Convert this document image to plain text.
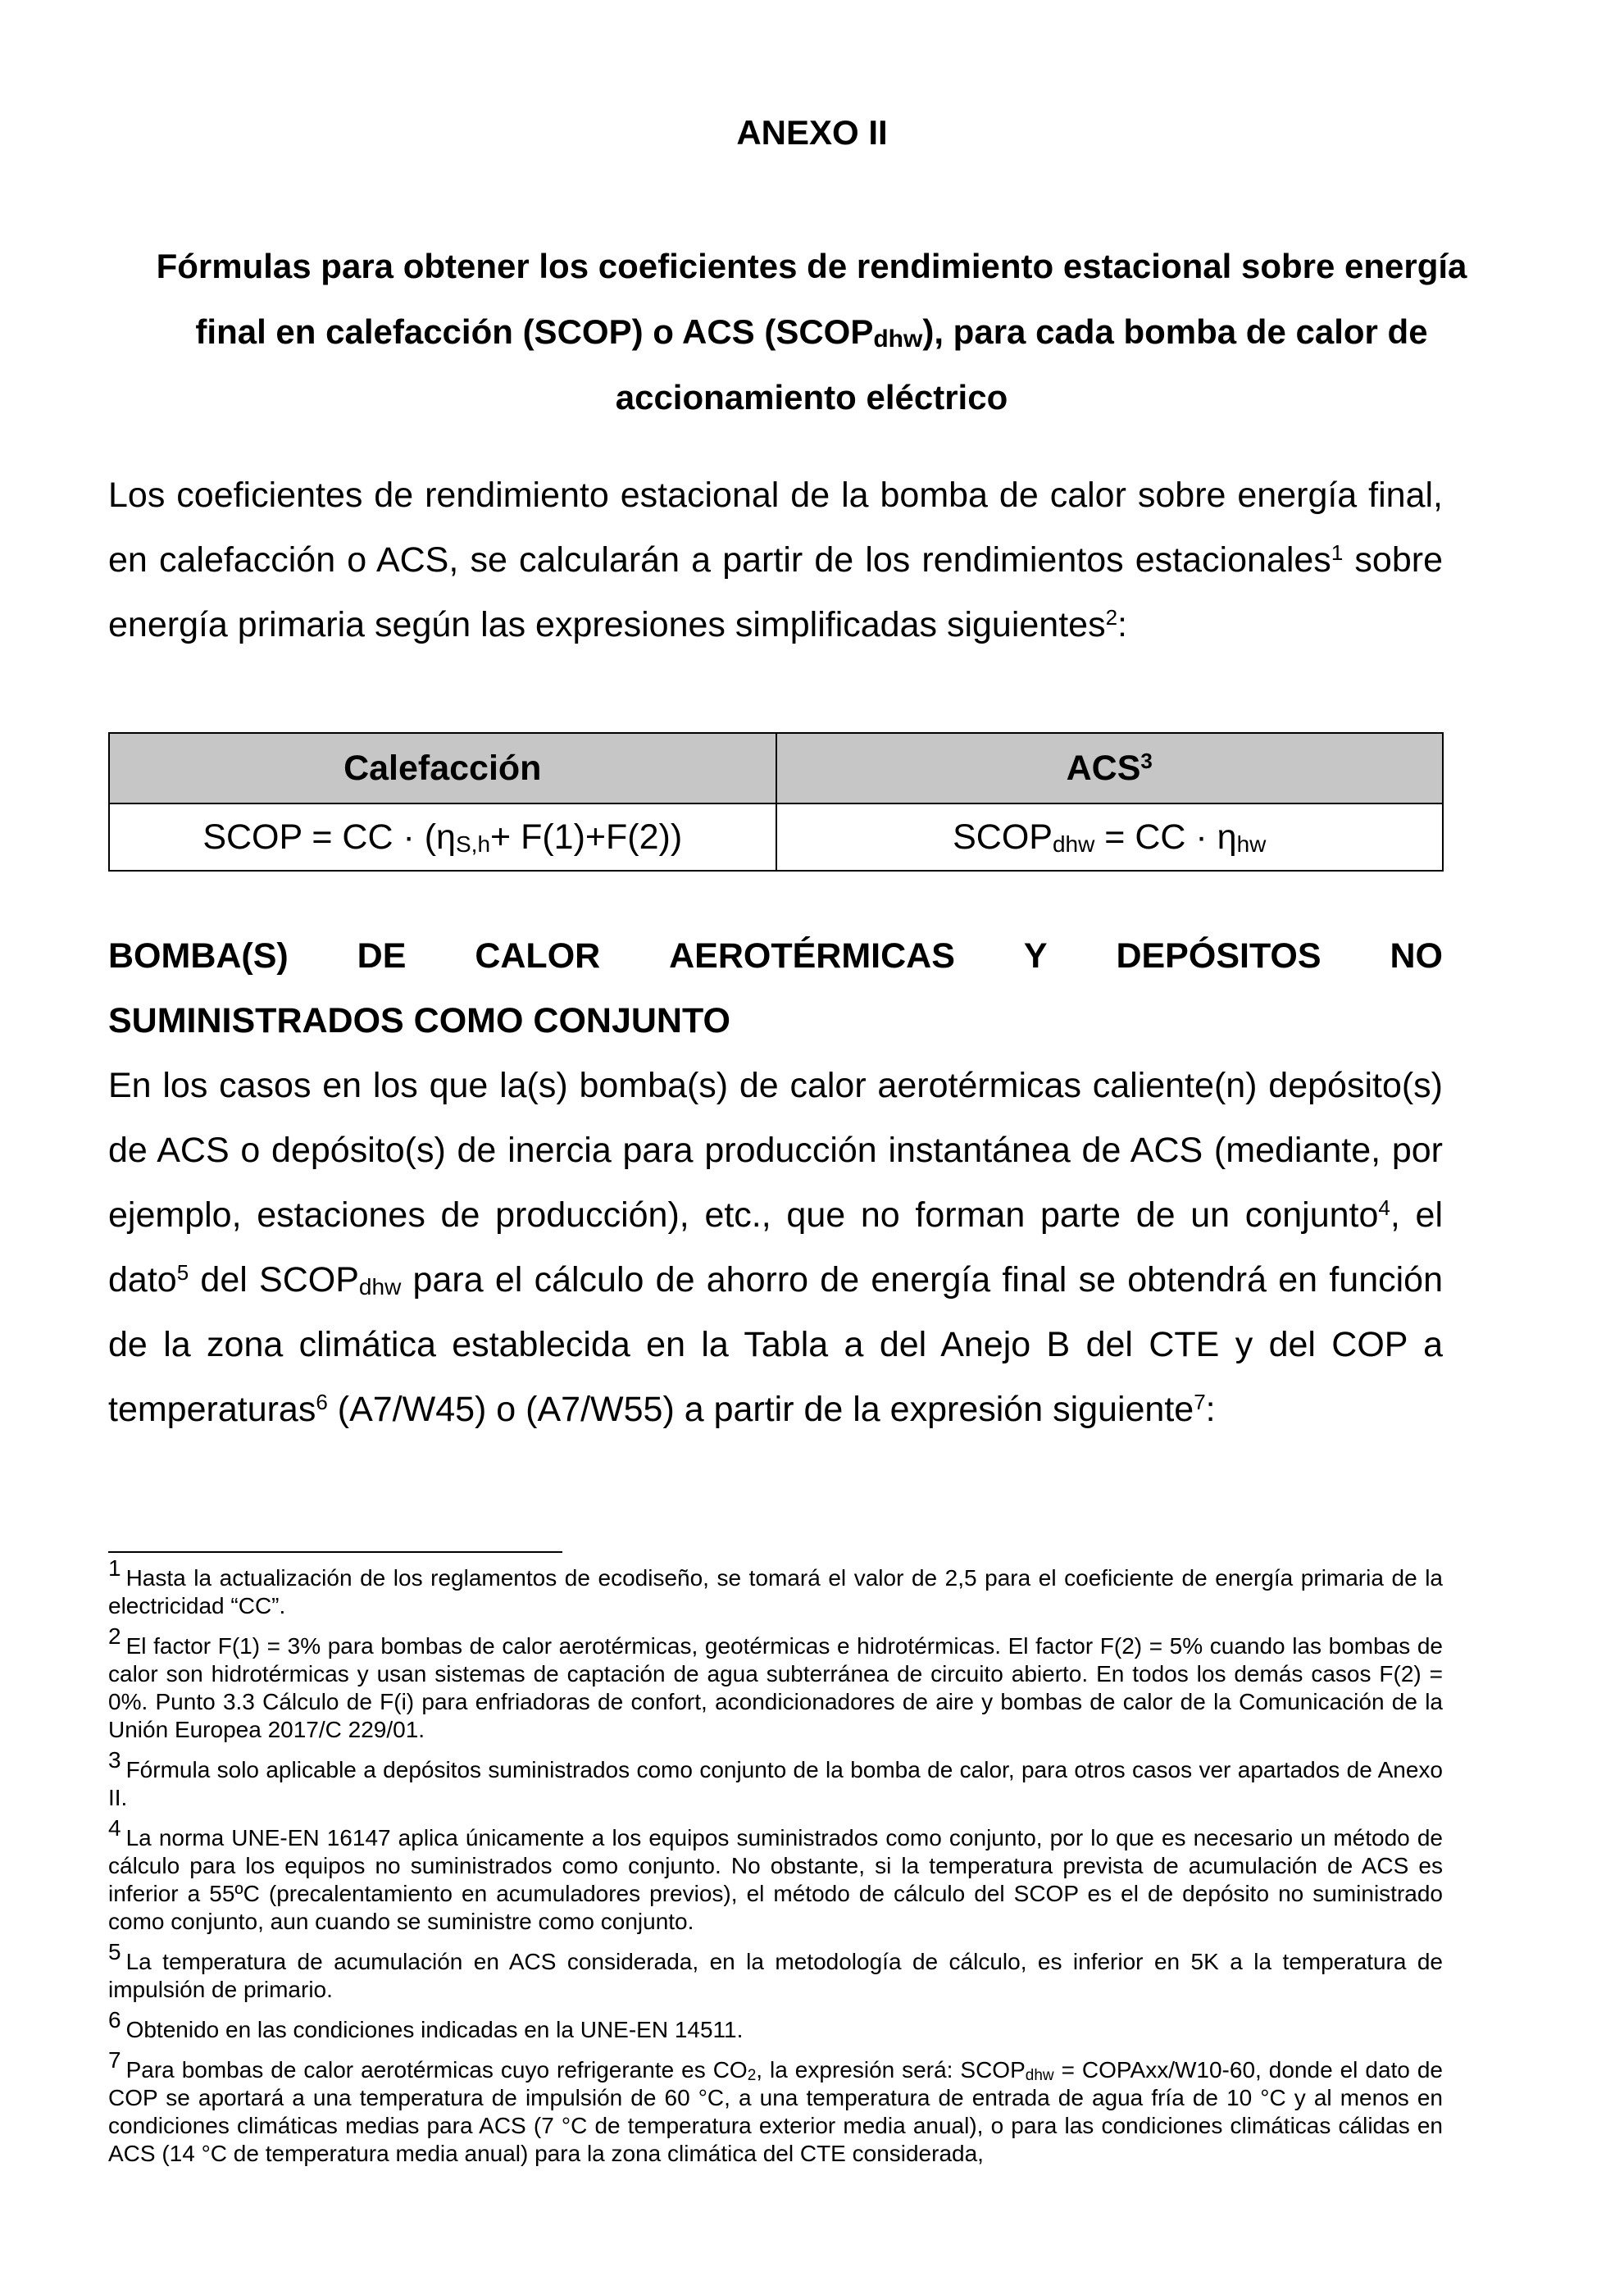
ANEXO II
Fórmulas para obtener los coeficientes de rendimiento estacional sobre energía final en calefacción (SCOP) o ACS $(SCOP_{dhw})$, para cada bomba de calor de accionamiento eléctrico

Los coeficientes de rendimiento estacional de la bomba de calor sobre energía final, en calefacción o ACS, se calcularán a partir de los rendimientos estacionales$^1$ sobre energía primaria según las expresiones simplificadas siguientes$^2$:

Calefacción	ACS$^3$
SCOP = CC · $(\eta_{S,h}+ F(1)+F(2))$	$SCOP_{dhw}$ = CC · $\eta_{hw}$
BOMBA(S) DE CALOR AEROTÉRMICAS Y DEPÓSITOS NO
SUMINISTRADOS COMO CONJUNTO

En los casos en los que la(s) bomba(s) de calor aerotérmicas caliente(n) depósito(s) de ACS o depósito(s) de inercia para producción instantánea de ACS (mediante, por ejemplo, estaciones de producción), etc., que no forman parte de un conjunto$^4$, el dato$^5$ del $SCOP_{dhw}$ para el cálculo de ahorro de energía final se obtendrá en función de la zona climática establecida en la Tabla a del Anejo B del CTE y del COP a temperaturas$^6$ (A7/W45) o (A7/W55) a partir de la expresión siguiente$^7$:

1 Hasta la actualización de los reglamentos de ecodiseño, se tomará el valor de 2,5 para el coeficiente de energía primaria de la electricidad “CC”.

2 El factor F(1) = 3% para bombas de calor aerotérmicas, geotérmicas e hidrotérmicas. El factor F(2) = 5% cuando las bombas de calor son hidrotérmicas y usan sistemas de captación de agua subterránea de circuito abierto. En todos los demás casos F(2) = 0%. Punto 3.3 Cálculo de F(i) para enfriadoras de confort, acondicionadores de aire y bombas de calor de la Comunicación de la Unión Europea 2017/C 229/01.

3 Fórmula solo aplicable a depósitos suministrados como conjunto de la bomba de calor, para otros casos ver apartados de Anexo II.

4 La norma UNE-EN 16147 aplica únicamente a los equipos suministrados como conjunto, por lo que es necesario un método de cálculo para los equipos no suministrados como conjunto. No obstante, si la temperatura prevista de acumulación de ACS es inferior a 55ºC (precalentamiento en acumuladores previos), el método de cálculo del SCOP es el de depósito no suministrado como conjunto, aun cuando se suministre como conjunto.

5 La temperatura de acumulación en ACS considerada, en la metodología de cálculo, es inferior en 5K a la temperatura de impulsión de primario.

6 Obtenido en las condiciones indicadas en la UNE-EN 14511.

7 Para bombas de calor aerotérmicas cuyo refrigerante es $CO_2$, la expresión será: $SCOP_{dhw}$ = COPAxx/W10-60, donde el dato de COP se aportará a una temperatura de impulsión de 60 °C, a una temperatura de entrada de agua fría de 10 °C y al menos en condiciones climáticas medias para ACS (7 °C de temperatura exterior media anual), o para las condiciones climáticas cálidas en ACS (14 °C de temperatura media anual) para la zona climática del CTE considerada,
